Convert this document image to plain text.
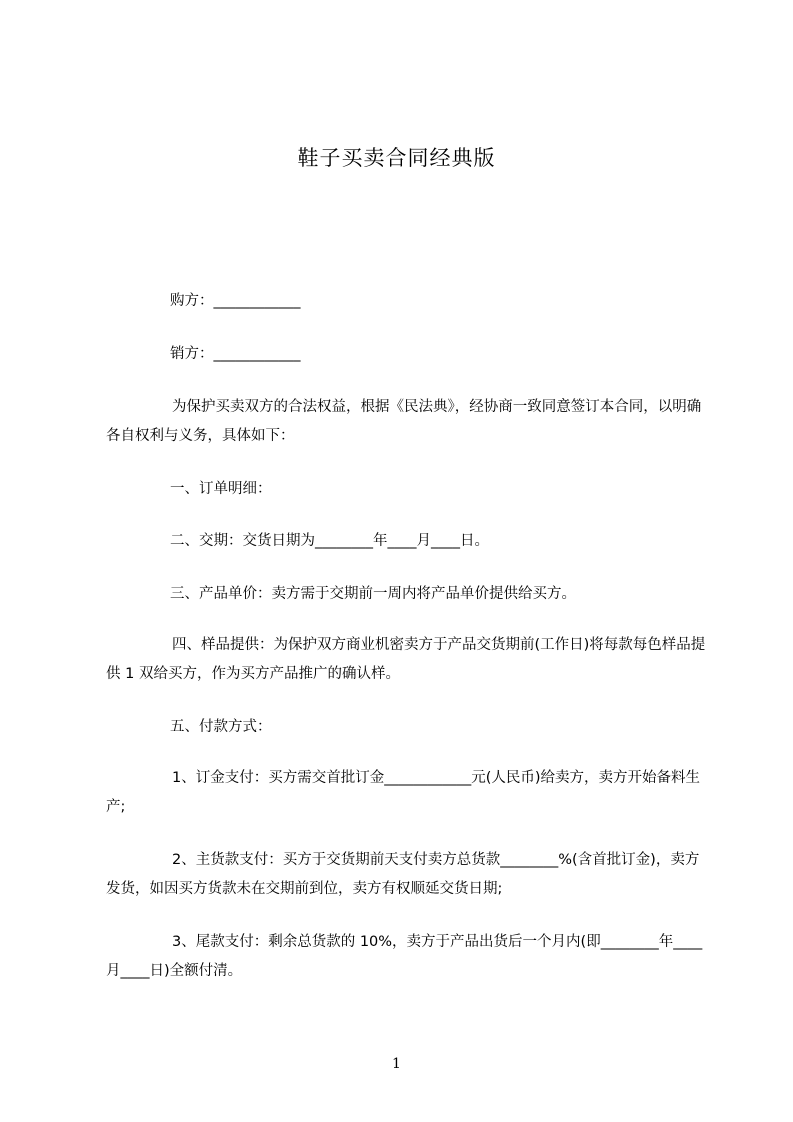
鞋子买卖合同经典版
购方：____________
销方：____________
为保护买卖双方的合法权益，根据《民法典》，经协商一致同意签订本合同，以明确各自权利与义务，具体如下：
一、订单明细：
二、交期：交货日期为________年____月____日。
三、产品单价：卖方需于交期前一周内将产品单价提供给买方。
四、样品提供：为保护双方商业机密卖方于产品交货期前(工作日)将每款每色样品提供 1 双给买方，作为买方产品推广的确认样。
五、付款方式：
1、订金支付：买方需交首批订金____________元(人民币)给卖方，卖方开始备料生产;
2、主货款支付：买方于交货期前天支付卖方总货款________%(含首批订金)，卖方发货，如因买方货款未在交期前到位，卖方有权顺延交货日期;
3、尾款支付：剩余总货款的 10%，卖方于产品出货后一个月内(即________年____月____日)全额付清。
1
